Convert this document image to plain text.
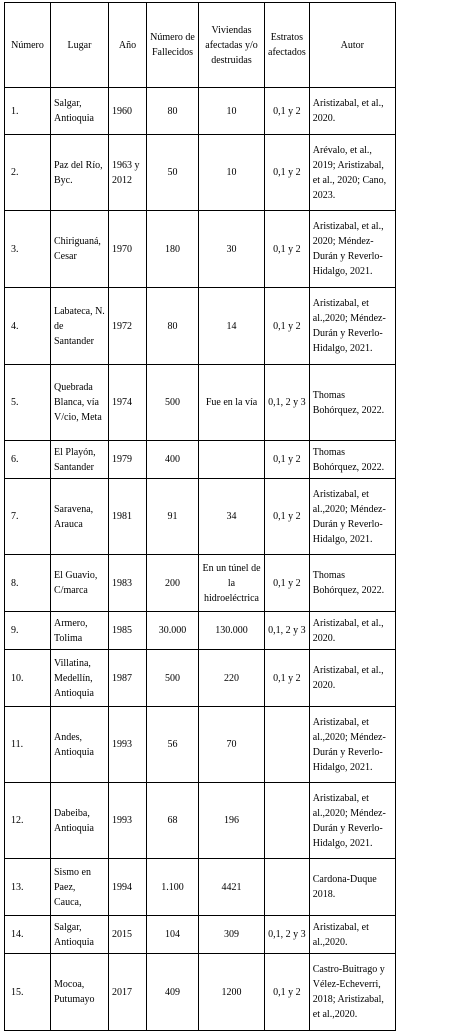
Número	Lugar	Año	Número de Fallecidos	Viviendas afectadas y/o destruidas	Estratos afectados	Autor
1.	Salgar, Antioquia	1960	80	10	0,1 y 2	Aristizabal, et al., 2020.
2.	Paz del Río, Byc.	1963 y 2012	50	10	0,1 y 2	Arévalo, et al., 2019; Aristizabal, et al., 2020; Cano, 2023.
3.	Chiriguaná, Cesar	1970	180	30	0,1 y 2	Aristizabal, et al., 2020; Méndez-Durán y Reverlo-Hidalgo, 2021.
4.	Labateca, N. de Santander	1972	80	14	0,1 y 2	Aristizabal, et al.,2020; Méndez-Durán y Reverlo-Hidalgo, 2021.
5.	Quebrada Blanca, vía V/cio, Meta	1974	500	Fue en la vía	0,1, 2 y 3	Thomas Bohórquez, 2022.
6.	El Playón, Santander	1979	400		0,1 y 2	Thomas Bohórquez, 2022.
7.	Saravena, Arauca	1981	91	34	0,1 y 2	Aristizabal, et al.,2020; Méndez-Durán y Reverlo-Hidalgo, 2021.
8.	El Guavio, C/marca	1983	200	En un túnel de la hidroeléctrica	0,1 y 2	Thomas Bohórquez, 2022.
9.	Armero, Tolima	1985	30.000	130.000	0,1, 2 y 3	Aristizabal, et al., 2020.
10.	Villatina, Medellín, Antioquia	1987	500	220	0,1 y 2	Aristizabal, et al., 2020.
11.	Andes, Antioquia	1993	56	70		Aristizabal, et al.,2020; Méndez-Durán y Reverlo-Hidalgo, 2021.
12.	Dabeiba, Antioquia	1993	68	196		Aristizabal, et al.,2020; Méndez-Durán y Reverlo-Hidalgo, 2021.
13.	Sismo en Paez, Cauca,	1994	1.100	4421		Cardona-Duque 2018.
14.	Salgar, Antioquia	2015	104	309	0,1, 2 y 3	Aristizabal, et al.,2020.
15.	Mocoa, Putumayo	2017	409	1200	0,1 y 2	Castro-Buitrago y Vélez-Echeverri, 2018; Aristizabal, et al.,2020.
